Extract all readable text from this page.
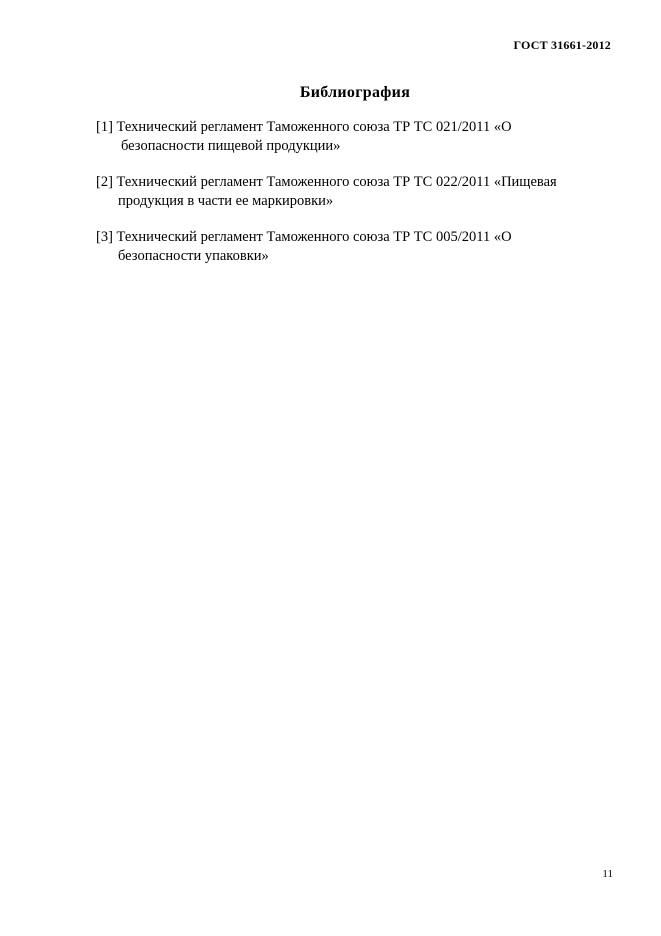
ГОСТ 31661-2012
Библиография
[1] Технический регламент Таможенного союза ТР ТС 021/2011 «О
безопасности пищевой продукции»
[2] Технический регламент Таможенного союза ТР ТС 022/2011 «Пищевая
продукция в части ее маркировки»
[3] Технический регламент Таможенного союза ТР ТС 005/2011 «О
безопасности упаковки»
11
